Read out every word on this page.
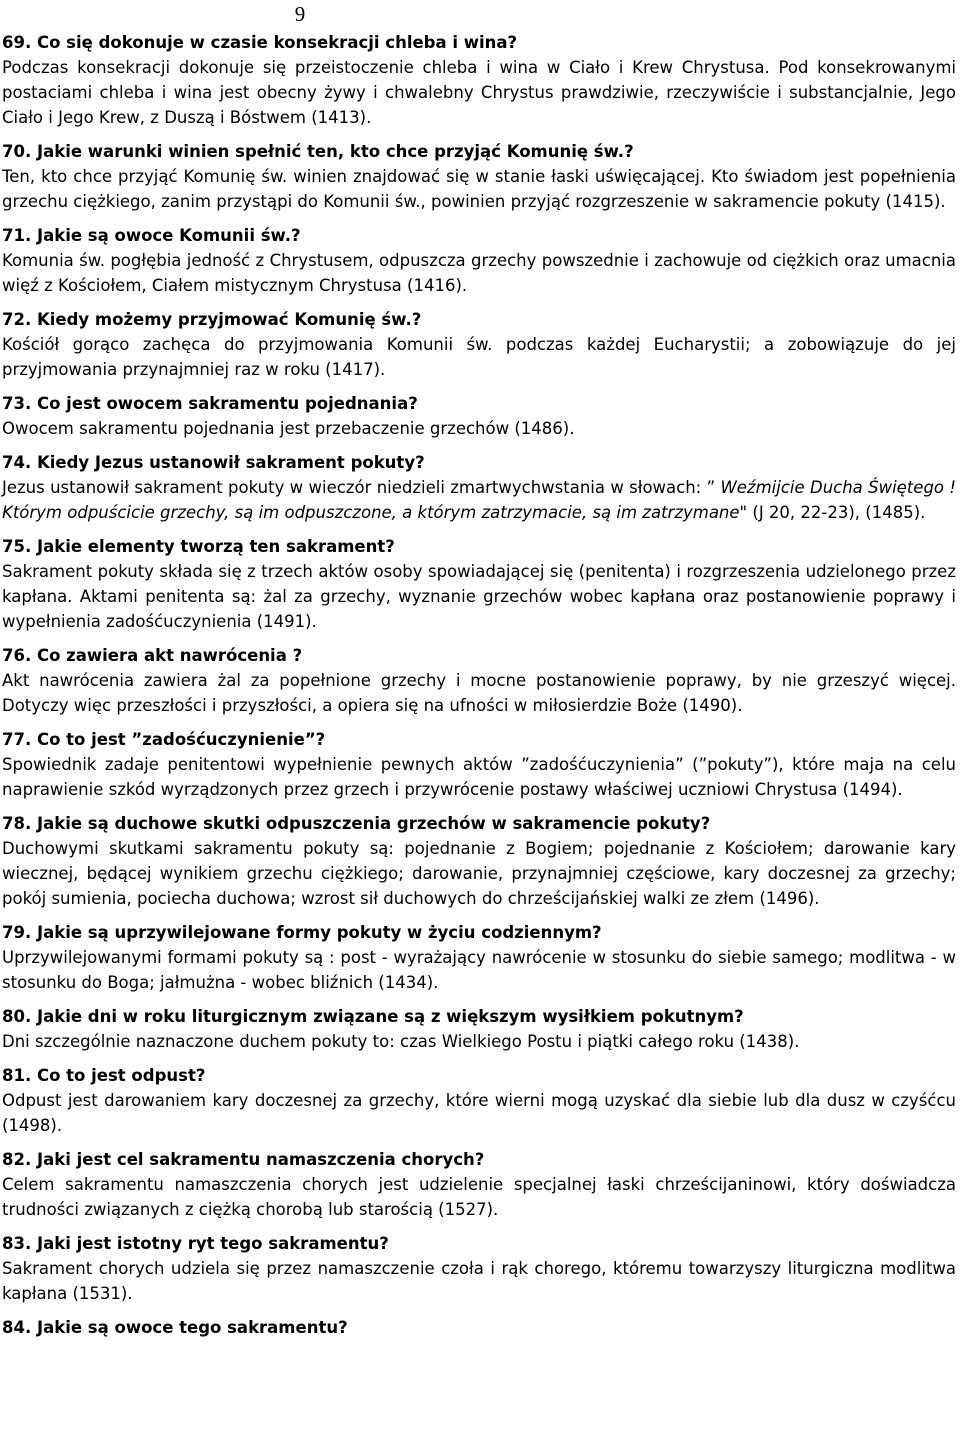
9
69. Co się dokonuje w czasie konsekracji chleba i wina?
Podczas konsekracji dokonuje się przeistoczenie chleba i wina w Ciało i Krew Chrystusa. Pod konsekrowanymi postaciami chleba i wina jest obecny żywy i chwalebny Chrystus prawdziwie, rzeczywiście i substancjalnie, Jego Ciało i Jego Krew, z Duszą i Bóstwem (1413).
70. Jakie warunki winien spełnić ten, kto chce przyjąć Komunię św.?
Ten, kto chce przyjąć Komunię św. winien znajdować się w stanie łaski uświęcającej. Kto świadom jest popełnienia grzechu ciężkiego, zanim przystąpi do Komunii św., powinien przyjąć rozgrzeszenie w sakramencie pokuty (1415).
71. Jakie są owoce Komunii św.?
Komunia św. pogłębia jedność z Chrystusem, odpuszcza grzechy powszednie i zachowuje od ciężkich oraz umacnia więź z Kościołem, Ciałem mistycznym Chrystusa (1416).
72. Kiedy możemy przyjmować Komunię św.?
Kościół gorąco zachęca do przyjmowania Komunii św. podczas każdej Eucharystii; a zobowiązuje do jej przyjmowania przynajmniej raz w roku (1417).
73. Co jest owocem sakramentu pojednania?
Owocem sakramentu pojednania jest przebaczenie grzechów (1486).
74. Kiedy Jezus ustanowił sakrament pokuty?
Jezus ustanowił sakrament pokuty w wieczór niedzieli zmartwychwstania w słowach: ” Weźmijcie Ducha Świętego ! Którym odpuścicie grzechy, są im odpuszczone, a którym zatrzymacie, są im zatrzymane" (J 20, 22-23), (1485).
75. Jakie elementy tworzą ten sakrament?
Sakrament pokuty składa się z trzech aktów osoby spowiadającej się (penitenta) i rozgrzeszenia udzielonego przez kapłana. Aktami penitenta są: żal za grzechy, wyznanie grzechów wobec kapłana oraz postanowienie poprawy i wypełnienia zadośćuczynienia (1491).
76. Co zawiera akt nawrócenia ?
Akt nawrócenia zawiera żal za popełnione grzechy i mocne postanowienie poprawy, by nie grzeszyć więcej. Dotyczy więc przeszłości i przyszłości, a opiera się na ufności w miłosierdzie Boże (1490).
77. Co to jest ”zadośćuczynienie”?
Spowiednik zadaje penitentowi wypełnienie pewnych aktów ”zadośćuczynienia” (”pokuty”), które maja na celu naprawienie szkód wyrządzonych przez grzech i przywrócenie postawy właściwej uczniowi Chrystusa (1494).
78. Jakie są duchowe skutki odpuszczenia grzechów w sakramencie pokuty?
Duchowymi skutkami sakramentu pokuty są: pojednanie z Bogiem; pojednanie z Kościołem; darowanie kary wiecznej, będącej wynikiem grzechu ciężkiego; darowanie, przynajmniej częściowe, kary doczesnej za grzechy; pokój sumienia, pociecha duchowa; wzrost sił duchowych do chrześcijańskiej walki ze złem (1496).
79. Jakie są uprzywilejowane formy pokuty w życiu codziennym?
Uprzywilejowanymi formami pokuty są : post - wyrażający nawrócenie w stosunku do siebie samego; modlitwa - w stosunku do Boga; jałmużna - wobec bliźnich (1434).
80. Jakie dni w roku liturgicznym związane są z większym wysiłkiem pokutnym?
Dni szczególnie naznaczone duchem pokuty to: czas Wielkiego Postu i piątki całego roku (1438).
81. Co to jest odpust?
Odpust jest darowaniem kary doczesnej za grzechy, które wierni mogą uzyskać dla siebie lub dla dusz w czyśćcu (1498).
82. Jaki jest cel sakramentu namaszczenia chorych?
Celem sakramentu namaszczenia chorych jest udzielenie specjalnej łaski chrześcijaninowi, który doświadcza trudności związanych z ciężką chorobą lub starością (1527).
83. Jaki jest istotny ryt tego sakramentu?
Sakrament chorych udziela się przez namaszczenie czoła i rąk chorego, któremu towarzyszy liturgiczna modlitwa kapłana (1531).
84. Jakie są owoce tego sakramentu?
